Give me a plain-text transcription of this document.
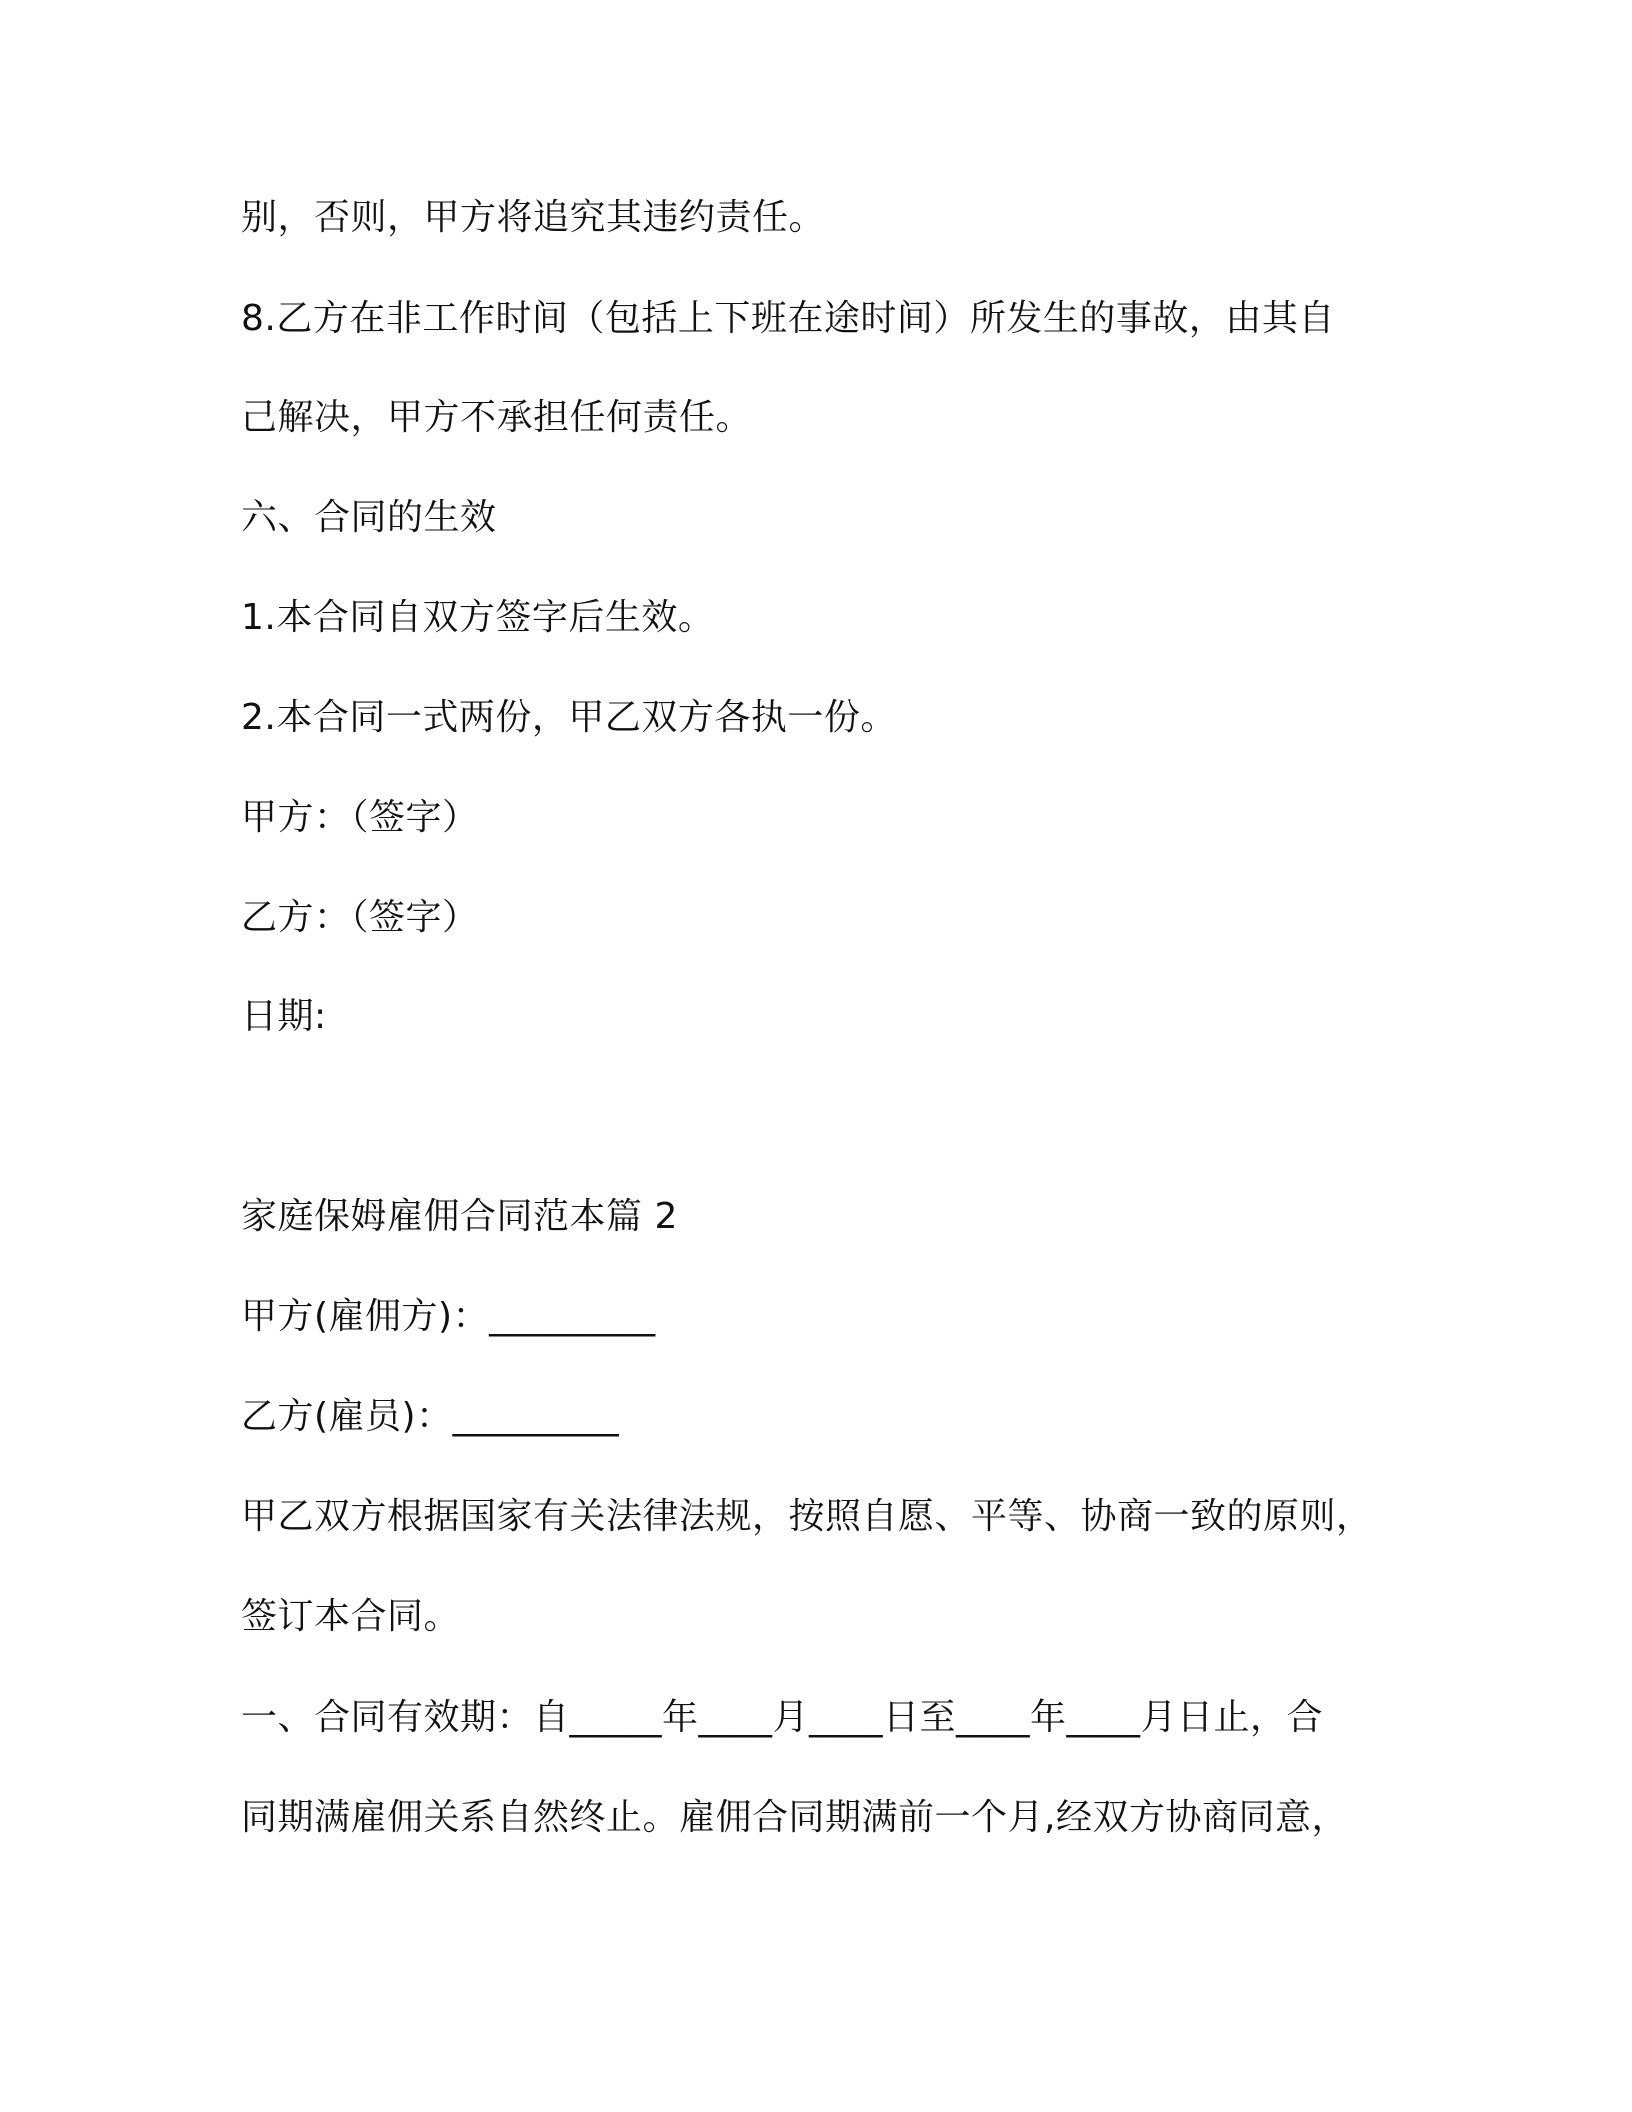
别，否则，甲方将追究其违约责任。
8.乙方在非工作时间（包括上下班在途时间）所发生的事故，由其自
己解决，甲方不承担任何责任。
六、合同的生效
1.本合同自双方签字后生效。
2.本合同一式两份，甲乙双方各执一份。
甲方：（签字）
乙方：（签字）
日期:
家庭保姆雇佣合同范本篇 2
甲方(雇佣方)：_________
乙方(雇员)：_________
甲乙双方根据国家有关法律法规，按照自愿、平等、协商一致的原则，
签订本合同。
一、合同有效期：自_____年____月____日至____年____月日止，合
同期满雇佣关系自然终止。雇佣合同期满前一个月,经双方协商同意，
